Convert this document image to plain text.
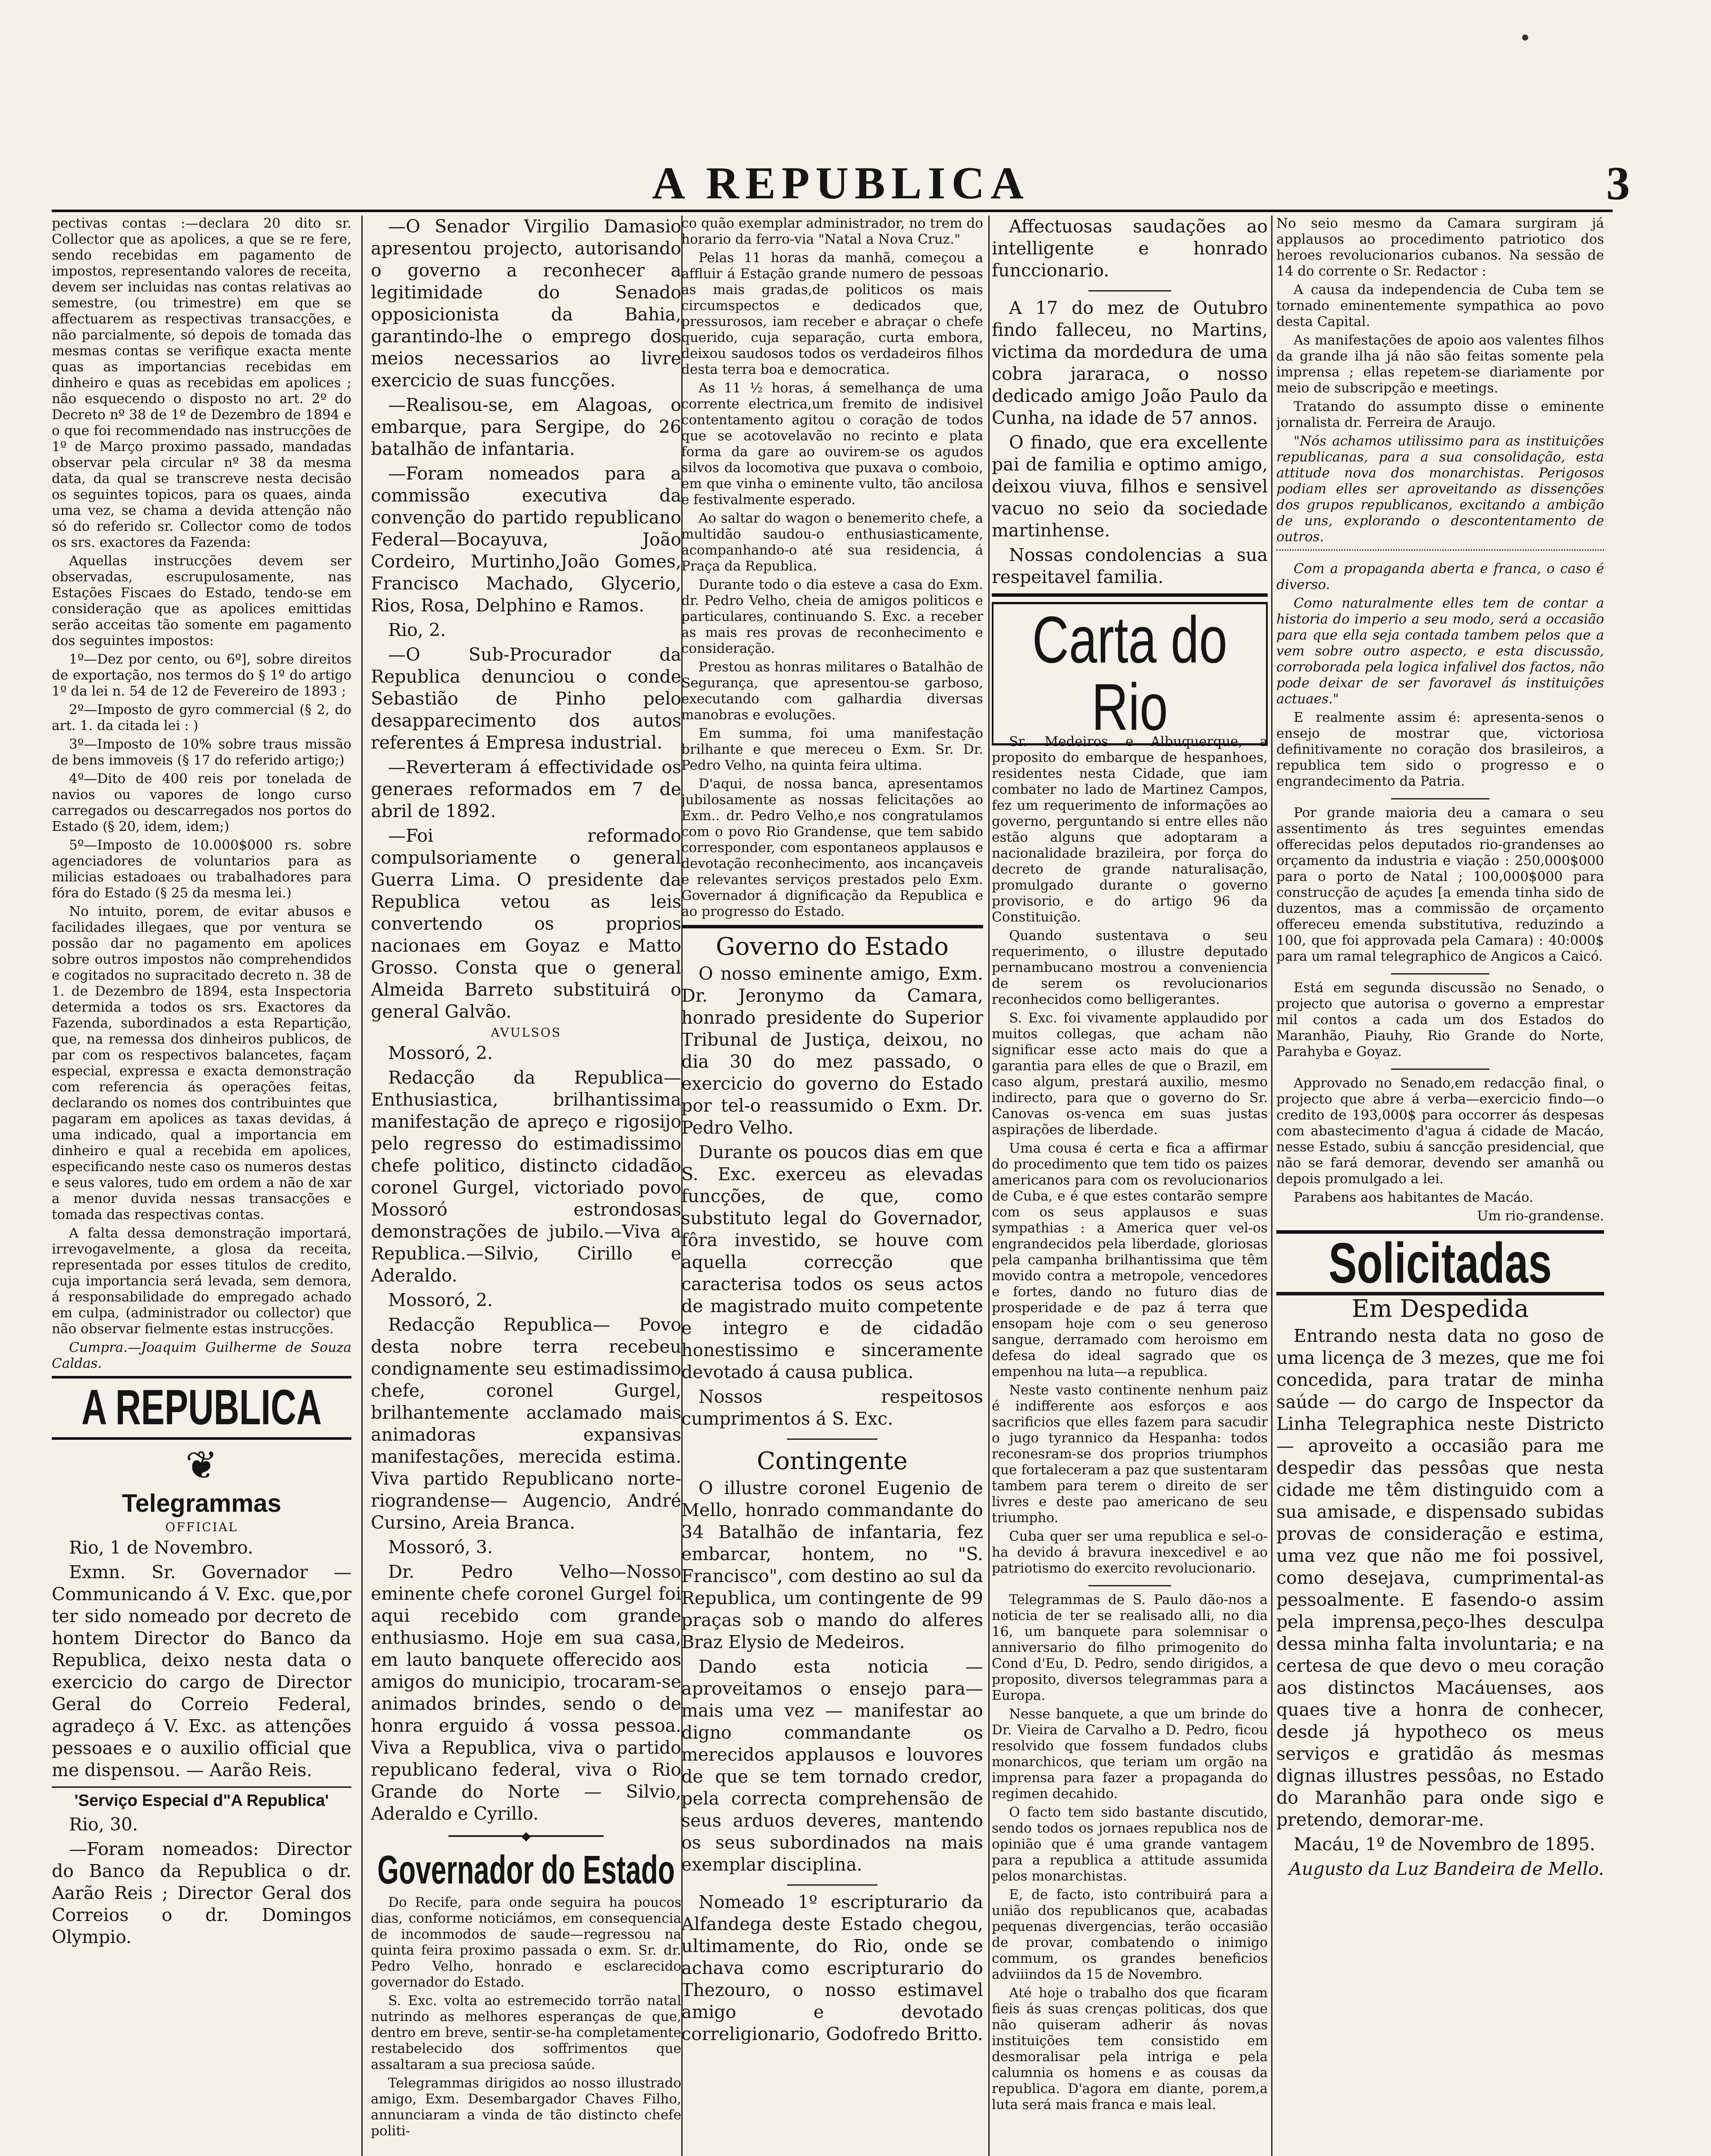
A REPUBLICA	3

pectivas contas :—declara 20 dito sr. Collector que as apolices, a que se re fere, sendo recebidas em pagamento de impostos, representando valores de receita, devem ser incluidas nas contas relativas ao semestre, (ou trimestre) em que se affectuarem as respectivas transacções, e não parcialmente, só depois de tomada das mesmas contas se verifique exacta mente quas as importancias recebidas em dinheiro e quas as recebidas em apolices ; não esquecendo o disposto no art. 2º do Decreto nº 38 de 1º de Dezembro de 1894 e o que foi recommendado nas instrucções de 1º de Março proximo passado, mandadas observar pela circular nº 38 da mesma data, da qual se transcreve nesta decisão os seguintes topicos, para os quaes, ainda uma vez, se chama a devida attenção não só do referido sr. Collector como de todos os srs. exactores da Fazenda:

Aquellas instrucções devem ser observadas, escrupulosamente, nas Estações Fiscaes do Estado, tendo-se em consideração que as apolices emittidas serão acceitas tão somente em pagamento dos seguintes impostos:

1º—Dez por cento, ou 6º], sobre direitos de exportação, nos termos do § 1º do artigo 1º da lei n. 54 de 12 de Fevereiro de 1893 ;

2º—Imposto de gyro commercial (§ 2, do art. 1. da citada lei : )

3º—Imposto de 10% sobre traus missão de bens immoveis (§ 17 do referido artigo;)

4º—Dito de 400 reis por tonelada de navios ou vapores de longo curso carregados ou descarregados nos portos do Estado (§ 20, idem, idem;)

5º—Imposto de 10.000$000 rs. sobre agenciadores de voluntarios para as milicias estadoaes ou trabalhadores para fóra do Estado (§ 25 da mesma lei.)

No intuito, porem, de evitar abusos e facilidades illegaes, que por ventura se possão dar no pagamento em apolices sobre outros impostos não comprehendidos e cogitados no supracitado decreto n. 38 de 1. de Dezembro de 1894, esta Inspectoria determida a todos os srs. Exactores da Fazenda, subordinados a esta Repartição, que, na remessa dos dinheiros publicos, de par com os respectivos balancetes, façam especial, expressa e exacta demonstração com referencia ás operações feitas, declarando os nomes dos contribuintes que pagaram em apolices as taxas devidas, á uma indicado, qual a importancia em dinheiro e qual a recebida em apolices, especificando neste caso os numeros destas e seus valores, tudo em ordem a não de xar a menor duvida nessas transacções e tomada das respectivas contas.

A falta dessa demonstração importará, irrevogavelmente, a glosa da receita, representada por esses titulos de credito, cuja importancia será levada, sem demora, á responsabilidade do empregado achado em culpa, (administrador ou collector) que não observar fielmente estas instrucções.

Cumpra.—Joaquim Guilherme de Souza Caldas.

A REPUBLICA
❦
Telegrammas
OFFICIAL

Rio, 1 de Novembro.

Exmn. Sr. Governador — Communicando á V. Exc. que,por ter sido nomeado por decreto de hontem Director do Banco da Republica, deixo nesta data o exercicio do cargo de Director Geral do Correio Federal, agradeço á V. Exc. as attenções pessoaes e o auxilio official que me dispensou. — Aarão Reis.

'Serviço Especial d"A Republica'

Rio, 30.

—Foram nomeados: Director do Banco da Republica o dr. Aarão Reis ; Director Geral dos Correios o dr. Domingos Olympio.

—O Senador Virgilio Damasio apresentou projecto, autorisando o governo a reconhecer a legitimidade do Senado opposicionista da Bahia, garantindo-lhe o emprego dos meios necessarios ao livre exercicio de suas funcções.

—Realisou-se, em Alagoas, o embarque, para Sergipe, do 26 batalhão de infantaria.

—Foram nomeados para a commissão executiva da convenção do partido republicano Federal—Bocayuva, João Cordeiro, Murtinho,João Gomes, Francisco Machado, Glycerio, Rios, Rosa, Delphino e Ramos.

Rio, 2.

—O Sub-Procurador da Republica denunciou o conde Sebastião de Pinho pelo desapparecimento dos autos referentes á Empresa industrial.

—Reverteram á effectividade os generaes reformados em 7 de abril de 1892.

—Foi reformado compulsoriamente o general Guerra Lima. O presidente da Republica vetou as leis convertendo os proprios nacionaes em Goyaz e Matto Grosso. Consta que o general Almeida Barreto substituirá o general Galvão.

AVULSOS

Mossoró, 2.

Redacção da Republica—Enthusiastica, brilhantissima manifestação de apreço e rigosijo pelo regresso do estimadissimo chefe politico, distincto cidadão coronel Gurgel, victoriado povo Mossoró estrondosas demonstrações de jubilo.—Viva a Republica.—Silvio, Cirillo e Aderaldo.

Mossoró, 2.

Redacção Republica— Povo desta nobre terra recebeu condignamente seu estimadissimo chefe, coronel Gurgel, brilhantemente acclamado mais animadoras expansivas manifestações, merecida estima. Viva partido Republicano norte-riograndense— Augencio, André Cursino, Areia Branca.

Mossoró, 3.

Dr. Pedro Velho—Nosso eminente chefe coronel Gurgel foi aqui recebido com grande enthusiasmo. Hoje em sua casa, em lauto banquete offerecido aos amigos do municipio, trocaram-se animados brindes, sendo o de honra erguido á vossa pessoa. Viva a Republica, viva o partido republicano federal, viva o Rio Grande do Norte — Silvio, Aderaldo e Cyrillo.

◆
Governador do Estado

Do Recife, para onde seguira ha poucos dias, conforme noticiámos, em consequencia de incommodos de saude—regressou na quinta feira proximo passada o exm. Sr. dr. Pedro Velho, honrado e esclarecido governador do Estado.

S. Exc. volta ao estremecido torrão natal nutrindo as melhores esperanças de que, dentro em breve, sentir-se-ha completamente restabelecido dos soffrimentos que assaltaram a sua preciosa saúde.

Telegrammas dirigidos ao nosso illustrado amigo, Exm. Desembargador Chaves Filho, annunciaram a vinda de tão distincto chefe politi-

co quão exemplar administrador, no trem do horario da ferro-via "Natal a Nova Cruz."

Pelas 11 horas da manhã, começou a affluir á Estação grande numero de pessoas as mais gradas,de politicos os mais circumspectos e dedicados que, pressurosos, iam receber e abraçar o chefe querido, cuja separação, curta embora, deixou saudosos todos os verdadeiros filhos desta terra boa e democratica.

As 11 ½ horas, á semelhança de uma corrente electrica,um fremito de indisivel contentamento agitou o coração de todos que se acotovelavão no recinto e plata forma da gare ao ouvirem-se os agudos silvos da locomotiva que puxava o comboio, em que vinha o eminente vulto, tão ancilosa e festivalmente esperado.

Ao saltar do wagon o benemerito chefe, a multidão saudou-o enthusiasticamente, acompanhando-o até sua residencia, á Praça da Republica.

Durante todo o dia esteve a casa do Exm. dr. Pedro Velho, cheia de amigos politicos e particulares, continuando S. Exc. a receber as mais res provas de reconhecimento e consideração.

Prestou as honras militares o Batalhão de Segurança, que apresentou-se garboso, executando com galhardia diversas manobras e evoluções.

Em summa, foi uma manifestação brilhante e que mereceu o Exm. Sr. Dr. Pedro Velho, na quinta feira ultima.

D'aqui, de nossa banca, apresentamos jubilosamente as nossas felicitações ao Exm.. dr. Pedro Velho,e nos congratulamos com o povo Rio Grandense, que tem sabido corresponder, com espontaneos applausos e devotação reconhecimento, aos incançaveis e relevantes serviços prestados pelo Exm. Governador á dignificação da Republica e ao progresso do Estado.

Governo do Estado

O nosso eminente amigo, Exm. Dr. Jeronymo da Camara, honrado presidente do Superior Tribunal de Justiça, deixou, no dia 30 do mez passado, o exercicio do governo do Estado por tel-o reassumido o Exm. Dr. Pedro Velho.

Durante os poucos dias em que S. Exc. exerceu as elevadas funcções, de que, como substituto legal do Governador, fôra investido, se houve com aquella correcção que caracterisa todos os seus actos de magistrado muito competente e integro e de cidadão honestissimo e sinceramente devotado á causa publica.

Nossos respeitosos cumprimentos á S. Exc.

Contingente

O illustre coronel Eugenio de Mello, honrado commandante do 34 Batalhão de infantaria, fez embarcar, hontem, no "S. Francisco", com destino ao sul da Republica, um contingente de 99 praças sob o mando do alferes Braz Elysio de Medeiros.

Dando esta noticia —aproveitamos o ensejo para—mais uma vez — manifestar ao digno commandante os merecidos applausos e louvores de que se tem tornado credor, pela correcta comprehensão de seus arduos deveres, mantendo os seus subordinados na mais exemplar disciplina.

Nomeado 1º escripturario da Alfandega deste Estado chegou, ultimamente, do Rio, onde se achava como escripturario do Thezouro, o nosso estimavel amigo e devotado correligionario, Godofredo Britto.

Affectuosas saudações ao intelligente e honrado funccionario.

A 17 do mez de Outubro findo falleceu, no Martins, victima da mordedura de uma cobra jararaca, o nosso dedicado amigo João Paulo da Cunha, na idade de 57 annos.

O finado, que era excellente pai de familia e optimo amigo, deixou viuva, filhos e sensivel vacuo no seio da sociedade martinhense.

Nossas condolencias a sua respeitavel familia.

Carta do Rio

Sr. Medeiros e Albuquerque, a proposito do embarque de hespanhoes, residentes nesta Cidade, que iam combater no lado de Martinez Campos, fez um requerimento de informações ao governo, perguntando si entre elles não estão alguns que adoptaram a nacionalidade brazileira, por força do decreto de grande naturalisação, promulgado durante o governo provisorio, e do artigo 96 da Constituição.

Quando sustentava o seu requerimento, o illustre deputado pernambucano mostrou a conveniencia de serem os revolucionarios reconhecidos como belligerantes.

S. Exc. foi vivamente applaudido por muitos collegas, que acham não significar esse acto mais do que a garantia para elles de que o Brazil, em caso algum, prestará auxilio, mesmo indirecto, para que o governo do Sr. Canovas os-venca em suas justas aspirações de liberdade.

Uma cousa é certa e fica a affirmar do procedimento que tem tido os paizes americanos para com os revolucionarios de Cuba, e é que estes contarão sempre com os seus applausos e suas sympathias : a America quer vel-os engrandecidos pela liberdade, gloriosas pela campanha brilhantissima que têm movido contra a metropole, vencedores e fortes, dando no futuro dias de prosperidade e de paz á terra que ensopam hoje com o seu generoso sangue, derramado com heroismo em defesa do ideal sagrado que os empenhou na luta—a republica.

Neste vasto continente nenhum paiz é indifferente aos esforços e aos sacrificios que elles fazem para sacudir o jugo tyrannico da Hespanha: todos reconesram-se dos proprios triumphos que fortaleceram a paz que sustentaram tambem para terem o direito de ser livres e deste pao americano de seu triumpho.

Cuba quer ser uma republica e sel-o-ha devido á bravura inexcedivel e ao patriotismo do exercito revolucionario.

Telegrammas de S. Paulo dão-nos a noticia de ter se realisado alli, no dia 16, um banquete para solemnisar o anniversario do filho primogenito do Cond d'Eu, D. Pedro, sendo dirigidos, a proposito, diversos telegrammas para a Europa.

Nesse banquete, a que um brinde do Dr. Vieira de Carvalho a D. Pedro, ficou resolvido que fossem fundados clubs monarchicos, que teriam um orgão na imprensa para fazer a propaganda do regimen decahido.

O facto tem sido bastante discutido, sendo todos os jornaes republica nos de opinião que é uma grande vantagem para a republica a attitude assumida pelos monarchistas.

E, de facto, isto contribuirá para a união dos republicanos que, acabadas pequenas divergencias, terão occasião de provar, combatendo o inimigo commum, os grandes beneficios adviiindos da 15 de Novembro.

Até hoje o trabalho dos que ficaram fieis ás suas crenças politicas, dos que não quiseram adherir ás novas instituições tem consistido em desmoralisar pela intriga e pela calumnia os homens e as cousas da republica. D'agora em diante, porem,a luta será mais franca e mais leal.

No seio mesmo da Camara surgiram já applausos ao procedimento patriotico dos heroes revolucionarios cubanos. Na sessão de 14 do corrente o Sr. Redactor :

A causa da independencia de Cuba tem se tornado eminentemente sympathica ao povo desta Capital.

As manifestações de apoio aos valentes filhos da grande ilha já não são feitas somente pela imprensa ; ellas repetem-se diariamente por meio de subscripção e meetings.

Tratando do assumpto disse o eminente jornalista dr. Ferreira de Araujo.

"Nós achamos utilissimo para as instituições republicanas, para a sua consolidação, esta attitude nova dos monarchistas. Perigosos podiam elles ser aproveitando as dissenções dos grupos republicanos, excitando a ambição de uns, explorando o descontentamento de outros.

Com a propaganda aberta e franca, o caso é diverso.

Como naturalmente elles tem de contar a historia do imperio a seu modo, será a occasião para que ella seja contada tambem pelos que a vem sobre outro aspecto, e esta discussão, corroborada pela logica infalivel dos factos, não pode deixar de ser favoravel ás instituições actuaes."

E realmente assim é: apresenta-senos o ensejo de mostrar que, victoriosa definitivamente no coração dos brasileiros, a republica tem sido o progresso e o engrandecimento da Patria.

Por grande maioria deu a camara o seu assentimento ás tres seguintes emendas offerecidas pelos deputados rio-grandenses ao orçamento da industria e viação : 250,000$000 para o porto de Natal ; 100,000$000 para construcção de açudes [a emenda tinha sido de duzentos, mas a commissão de orçamento offereceu emenda substitutiva, reduzindo a 100, que foi approvada pela Camara) : 40:000$ para um ramal telegraphico de Angicos a Caicó.

Está em segunda discussão no Senado, o projecto que autorisa o governo a emprestar mil contos a cada um dos Estados do Maranhão, Piauhy, Rio Grande do Norte, Parahyba e Goyaz.

Approvado no Senado,em redacção final, o projecto que abre á verba—exercicio findo—o credito de 193,000$ para occorrer ás despesas com abastecimento d'agua á cidade de Macáo, nesse Estado, subiu á sancção presidencial, que não se fará demorar, devendo ser amanhã ou depois promulgado a lei.

Parabens aos habitantes de Macáo.

Um rio-grandense.

Solicitadas
Em Despedida

Entrando nesta data no goso de uma licença de 3 mezes, que me foi concedida, para tratar de minha saúde — do cargo de Inspector da Linha Telegraphica neste Districto — aproveito a occasião para me despedir das pessôas que nesta cidade me têm distinguido com a sua amisade, e dispensado subidas provas de consideração e estima, uma vez que não me foi possivel, como desejava, cumprimental-as pessoalmente. E fasendo-o assim pela imprensa,peço-lhes desculpa dessa minha falta involuntaria; e na certesa de que devo o meu coração aos distinctos Macáuenses, aos quaes tive a honra de conhecer, desde já hypotheco os meus serviços e gratidão ás mesmas dignas illustres pessôas, no Estado do Maranhão para onde sigo e pretendo, demorar-me.

Macáu, 1º de Novembro de 1895.

Augusto da Luz Bandeira de Mello.
